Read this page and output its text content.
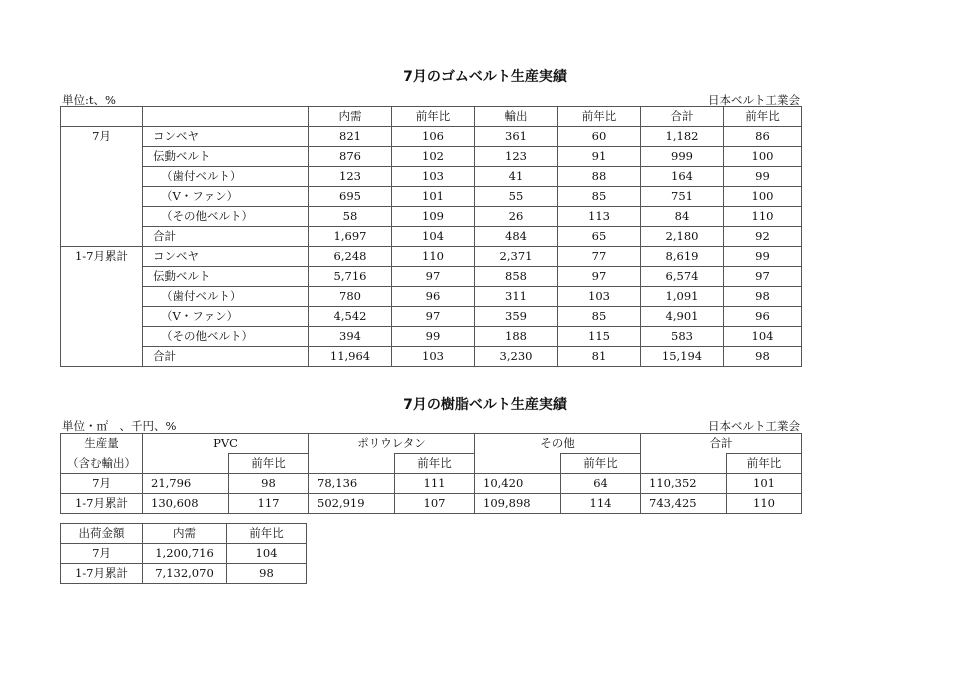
7月のゴムベルト生産実績
単位:t、%	日本ベルト工業会
		内需	前年比	輸出	前年比	合計	前年比
7月	コンベヤ	821	106	361	60	1,182	86
	伝動ベルト	876	102	123	91	999	100
	（歯付ベルト）	123	103	41	88	164	99
	（V・ファン）	695	101	55	85	751	100
	（その他ベルト）	58	109	26	113	84	110
	合計	1,697	104	484	65	2,180	92
1-7月累計	コンベヤ	6,248	110	2,371	77	8,619	99
	伝動ベルト	5,716	97	858	97	6,574	97
	（歯付ベルト）	780	96	311	103	1,091	98
	（V・ファン）	4,542	97	359	85	4,901	96
	（その他ベルト）	394	99	188	115	583	104
	合計	11,964	103	3,230	81	15,194	98
7月の樹脂ベルト生産実績
単位・㎡　、千円、%	日本ベルト工業会
生産量	PVC		ポリウレタン		その他		合計	
（含む輸出）		前年比		前年比		前年比		前年比
7月	21,796	98	78,136	111	10,420	64	110,352	101
1-7月累計	130,608	117	502,919	107	109,898	114	743,425	110
出荷金額	内需	前年比
7月	1,200,716	104
1-7月累計	7,132,070	98
